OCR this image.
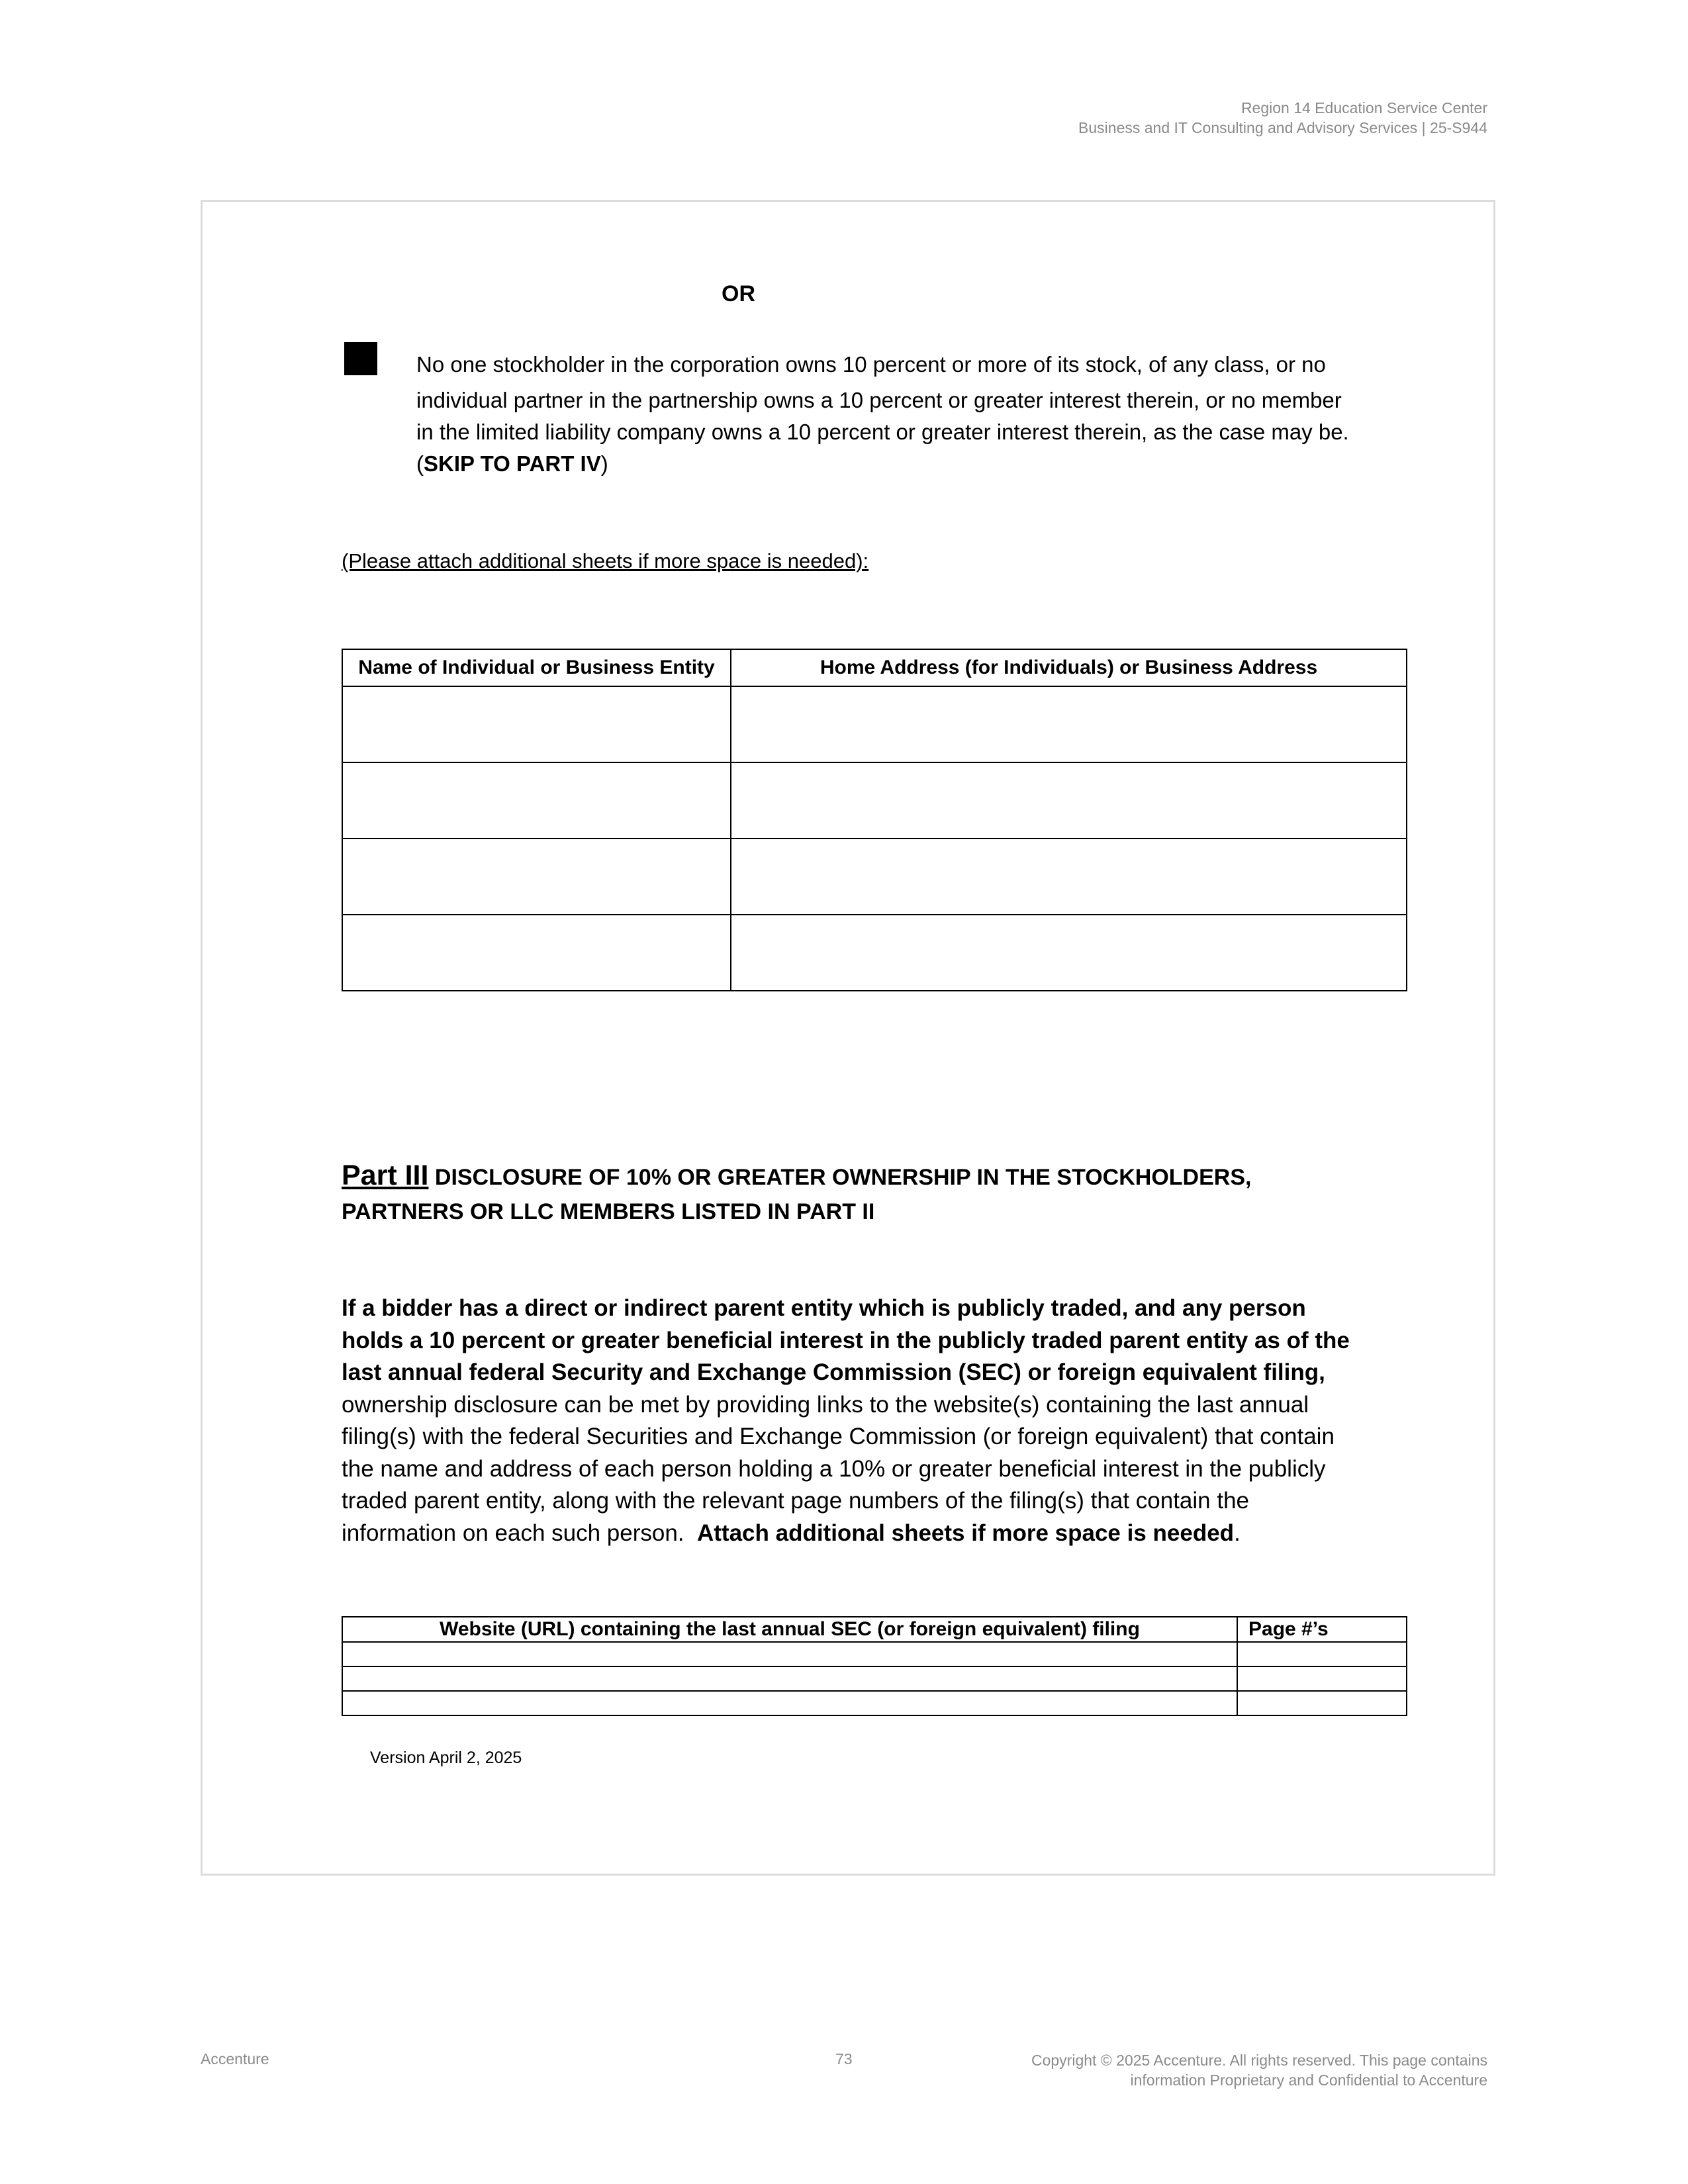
Region 14 Education Service Center
Business and IT Consulting and Advisory Services | 25-S944
OR
No one stockholder in the corporation owns 10 percent or more of its stock, of any class, or no
individual partner in the partnership owns a 10 percent or greater interest therein, or no member
in the limited liability company owns a 10 percent or greater interest therein, as the case may be.
(SKIP TO PART IV)
(Please attach additional sheets if more space is needed):
Name of Individual or Business Entity	Home Address (for Individuals) or Business Address

Part III DISCLOSURE OF 10% OR GREATER OWNERSHIP IN THE STOCKHOLDERS,
PARTNERS OR LLC MEMBERS LISTED IN PART II
If a bidder has a direct or indirect parent entity which is publicly traded, and any person
holds a 10 percent or greater beneficial interest in the publicly traded parent entity as of the
last annual federal Security and Exchange Commission (SEC) or foreign equivalent filing,
ownership disclosure can be met by providing links to the website(s) containing the last annual
filing(s) with the federal Securities and Exchange Commission (or foreign equivalent) that contain
the name and address of each person holding a 10% or greater beneficial interest in the publicly
traded parent entity, along with the relevant page numbers of the filing(s) that contain the
information on each such person.  Attach additional sheets if more space is needed.
Website (URL) containing the last annual SEC (or foreign equivalent) filing	Page #’s

Version April 2, 2025
Accenture	73	Copyright © 2025 Accenture. All rights reserved. This page contains
information Proprietary and Confidential to Accenture
